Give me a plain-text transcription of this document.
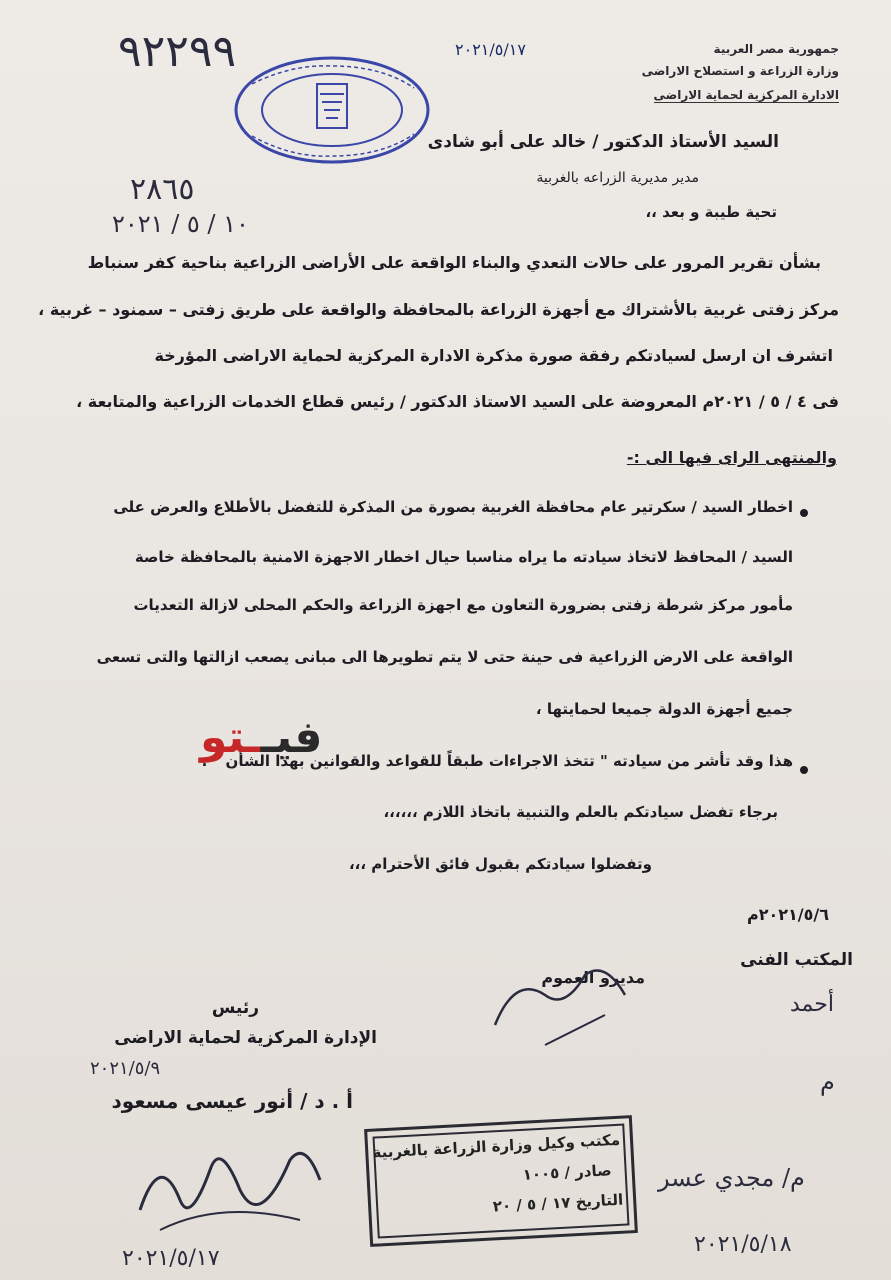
جمهورية مصر العربية
وزارة الزراعة و استصلاح الاراضى
الادارة المركزية لحماية الاراضى
٩٢٢٩٩	٢٠٢١/٥/١٧
٢٨٦٥
١٠ / ٥ / ٢٠٢١
السيد الأستاذ الدكتور / خالد على أبو شادى
مدير مديرية الزراعه بالغربية
تحية طيبة و بعد ،،
بشأن تقرير المرور على حالات التعدي والبناء الواقعة على الأراضى الزراعية بناحية كفر سنباط
مركز زفتى غربية بالأشتراك مع أجهزة الزراعة بالمحافظة والواقعة على طريق زفتى – سمنود – غربية ،
اتشرف ان ارسل لسيادتكم رفقة صورة مذكرة الادارة المركزية لحماية الاراضى المؤرخة
فى ٤ / ٥ / ٢٠٢١م المعروضة على السيد الاستاذ الدكتور / رئيس قطاع الخدمات الزراعية والمتابعة ،
والمنتهى الراى فيها الى :-
اخطار السيد / سكرتير عام محافظة الغربية بصورة من المذكرة للتفضل بالأطلاع والعرض على
السيد / المحافظ لاتخاذ سيادته ما يراه مناسبا حيال اخطار الاجهزة الامنية بالمحافظة خاصة
مأمور مركز شرطة زفتى بضرورة التعاون مع اجهزة الزراعة والحكم المحلى لازالة التعديات
الواقعة على الارض الزراعية فى حينة حتى لا يتم تطويرها الى مبانى يصعب ازالتها والتى تسعى
جميع أجهزة الدولة جميعا لحمايتها ،
هذا وقد تأشر من سيادته " تتخذ الاجراءات طبقاً للقواعد والقوانين بهذا الشأن " .
فيــتو
برجاء تفضل سيادتكم بالعلم والتنبية باتخاذ اللازم ،،،،،،
وتفضلوا سيادتكم بقبول فائق الأحترام ،،،
٢٠٢١/٥/٦م
المكتب الفنى
مديرو العموم
رئيس
الإدارة المركزية لحماية الاراضى
أ . د / أنور عيسى مسعود
٢٠٢١/٥/٩
أحمد
م
م/ مجدي عسر
٢٠٢١/٥/١٨
٢٠٢١/٥/١٧
مكتب وكيل وزارة الزراعة بالغربية
صادر / ١٠٠٥
التاريخ ١٧ / ٥ / ٢٠
